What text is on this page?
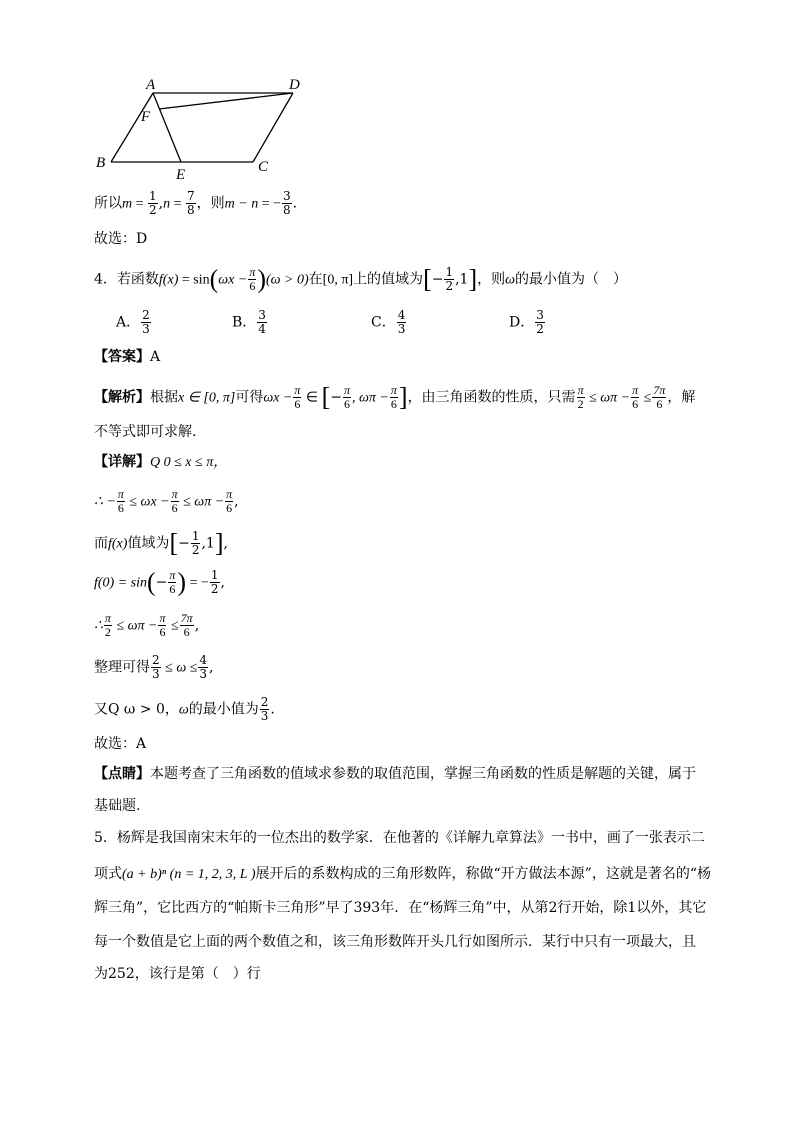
A	D
F
B
E	C
所以$m = \frac{1}{2} ,n = \frac{7}{8}$ ，则m − n = − $\frac{3}{8}$ .
故选：D
4．若函数$f(x) = \sin(\omega x - \frac{\pi}{6} )(\omega > 0)$在[0, π]上的值域为[− $\frac{1}{2} ,1$]，则ω的最小值为（　）
A． $\frac{2}{3}$	B． $\frac{3}{4}$	C． $\frac{4}{3}$	D． $\frac{3}{2}$
【答案】A
【解析】根据x ∈ [0, π]可得$\omega x - \frac{\pi}{6}$ ∈ [− $\frac{\pi}{6}$ , $\omega\pi - \frac{\pi}{6}$ ]，由三角函数的性质，只需 $\frac{\pi}{2} \le \omega\pi - \frac{\pi}{6} \le \frac{7\pi}{6}$ ，解
不等式即可求解.
【详解】Q 0 ≤ x ≤ π，
∴ − $\frac{\pi}{6} \le \omega x - \frac{\pi}{6} \le \omega\pi - \frac{\pi}{6}$ ,
而f(x)值域为[− $\frac{1}{2} ,1$],
$f(0) = \sin(- \frac{\pi}{6}$ ) = − $\frac{1}{2}$ ,
∴ $\frac{\pi}{2} \le \omega\pi - \frac{\pi}{6} \le \frac{7\pi}{6}$ ,
整理可得 $\frac{2}{3} \le \omega \le \frac{4}{3}$ ,
又Q ω > 0，ω的最小值为 $\frac{2}{3}$ .
故选：A
【点睛】本题考查了三角函数的值域求参数的取值范围，掌握三角函数的性质是解题的关键，属于
基础题.
5．杨辉是我国南宋末年的一位杰出的数学家．在他著的《详解九章算法》一书中，画了一张表示二
项式(a + b)ⁿ (n = 1, 2, 3, L )展开后的系数构成的三角形数阵，称做“开方做法本源”，这就是著名的“杨
辉三角”，它比西方的“帕斯卡三角形”早了393年．在“杨辉三角”中，从第2行开始，除1以外，其它
每一个数值是它上面的两个数值之和，该三角形数阵开头几行如图所示．某行中只有一项最大，且
为252，该行是第（　）行
